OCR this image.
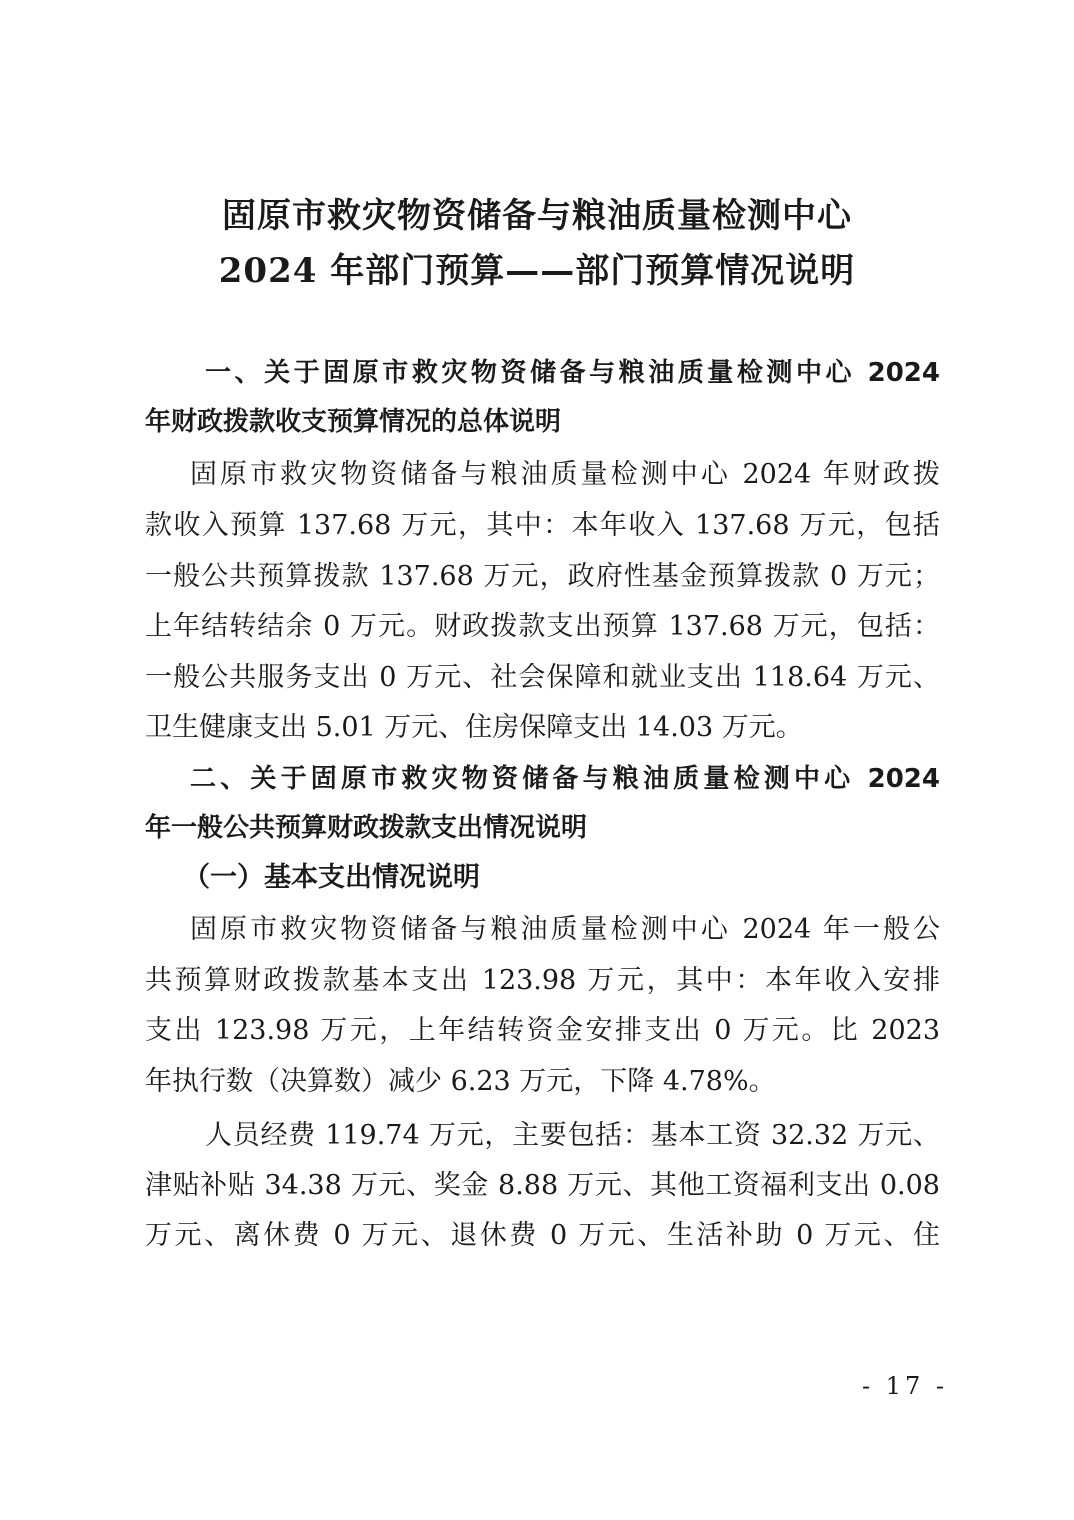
固原市救灾物资储备与粮油质量检测中心
2024 年部门预算——部门预算情况说明
一、关于固原市救灾物资储备与粮油质量检测中心 2024
年财政拨款收支预算情况的总体说明
固原市救灾物资储备与粮油质量检测中心 2024 年财政拨
款收入预算 137.68 万元，其中：本年收入 137.68 万元，包括
一般公共预算拨款 137.68 万元，政府性基金预算拨款 0 万元；
上年结转结余 0 万元。财政拨款支出预算 137.68 万元，包括：
一般公共服务支出 0 万元、社会保障和就业支出 118.64 万元、
卫生健康支出 5.01 万元、住房保障支出 14.03 万元。
二、关于固原市救灾物资储备与粮油质量检测中心 2024
年一般公共预算财政拨款支出情况说明
（一）基本支出情况说明
固原市救灾物资储备与粮油质量检测中心 2024 年一般公
共预算财政拨款基本支出 123.98 万元，其中：本年收入安排
支出 123.98 万元，上年结转资金安排支出 0 万元。比 2023
年执行数（决算数）减少 6.23 万元，下降 4.78%。
人员经费 119.74 万元，主要包括：基本工资 32.32 万元、
津贴补贴 34.38 万元、奖金 8.88 万元、其他工资福利支出 0.08
万元、离休费 0 万元、退休费 0 万元、生活补助 0 万元、住
- 17 -
